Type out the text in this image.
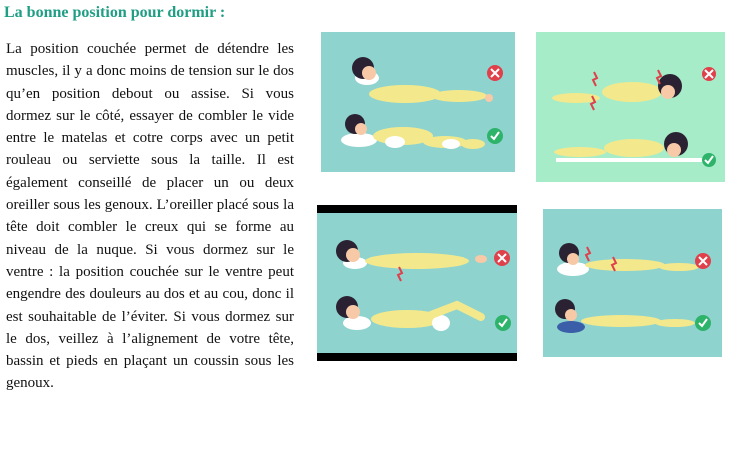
La bonne position pour dormir :

La position couchée permet de détendre les muscles, il y a donc moins de tension sur le dos qu’en position debout ou assise. Si vous dormez sur le côté, essayer de combler le vide entre le matelas et cotre corps avec un petit rouleau ou serviette sous la taille. Il est également conseillé de placer un ou deux oreiller sous les genoux. L’oreiller placé sous la tête doit combler le creux qui se forme au niveau de la nuque. Si vous dormez sur le ventre : la position couchée sur le ventre peut engendre des douleurs au dos et au cou, donc il est souhaitable de l’éviter. Si vous dormez sur le dos, veillez à l’alignement de votre tête, bassin et pieds en plaçant un coussin sous les genoux.
